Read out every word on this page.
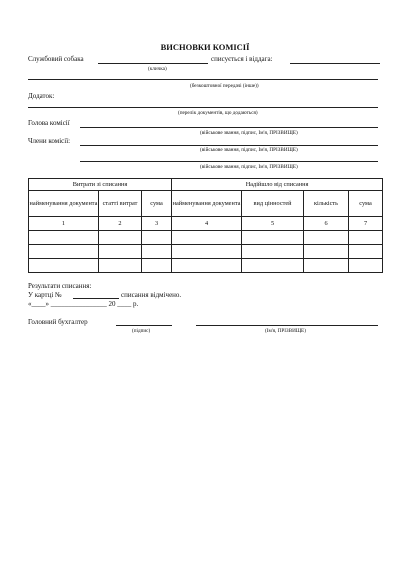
ВИСНОВКИ КОМІСІЇ
Службовий собака	списується і віддага:
(кличка)
(безкоштовної передачі (інше))
Додаток:
(перелік документів, що додаються)
Голова комісії
(військове звання, підпис, Ім'я, ПРІЗВИЩЕ)
Члени комісії:
(військове звання, підпис, Ім'я, ПРІЗВИЩЕ)
(військове звання, підпис, Ім'я, ПРІЗВИЩЕ)
Витрати зі списання			Надійшло від списання			
найменування документа	статті витрат	сума	найменування документа	вид цінностей	кількість	сума
1	2	3	4	5	6	7

Результати списання:
У картці №	списання відмічено.
«____» ________________ 20 ____ р.
Головний бухгалтер
(підпис)	(Ім'я, ПРІЗВИЩЕ)
